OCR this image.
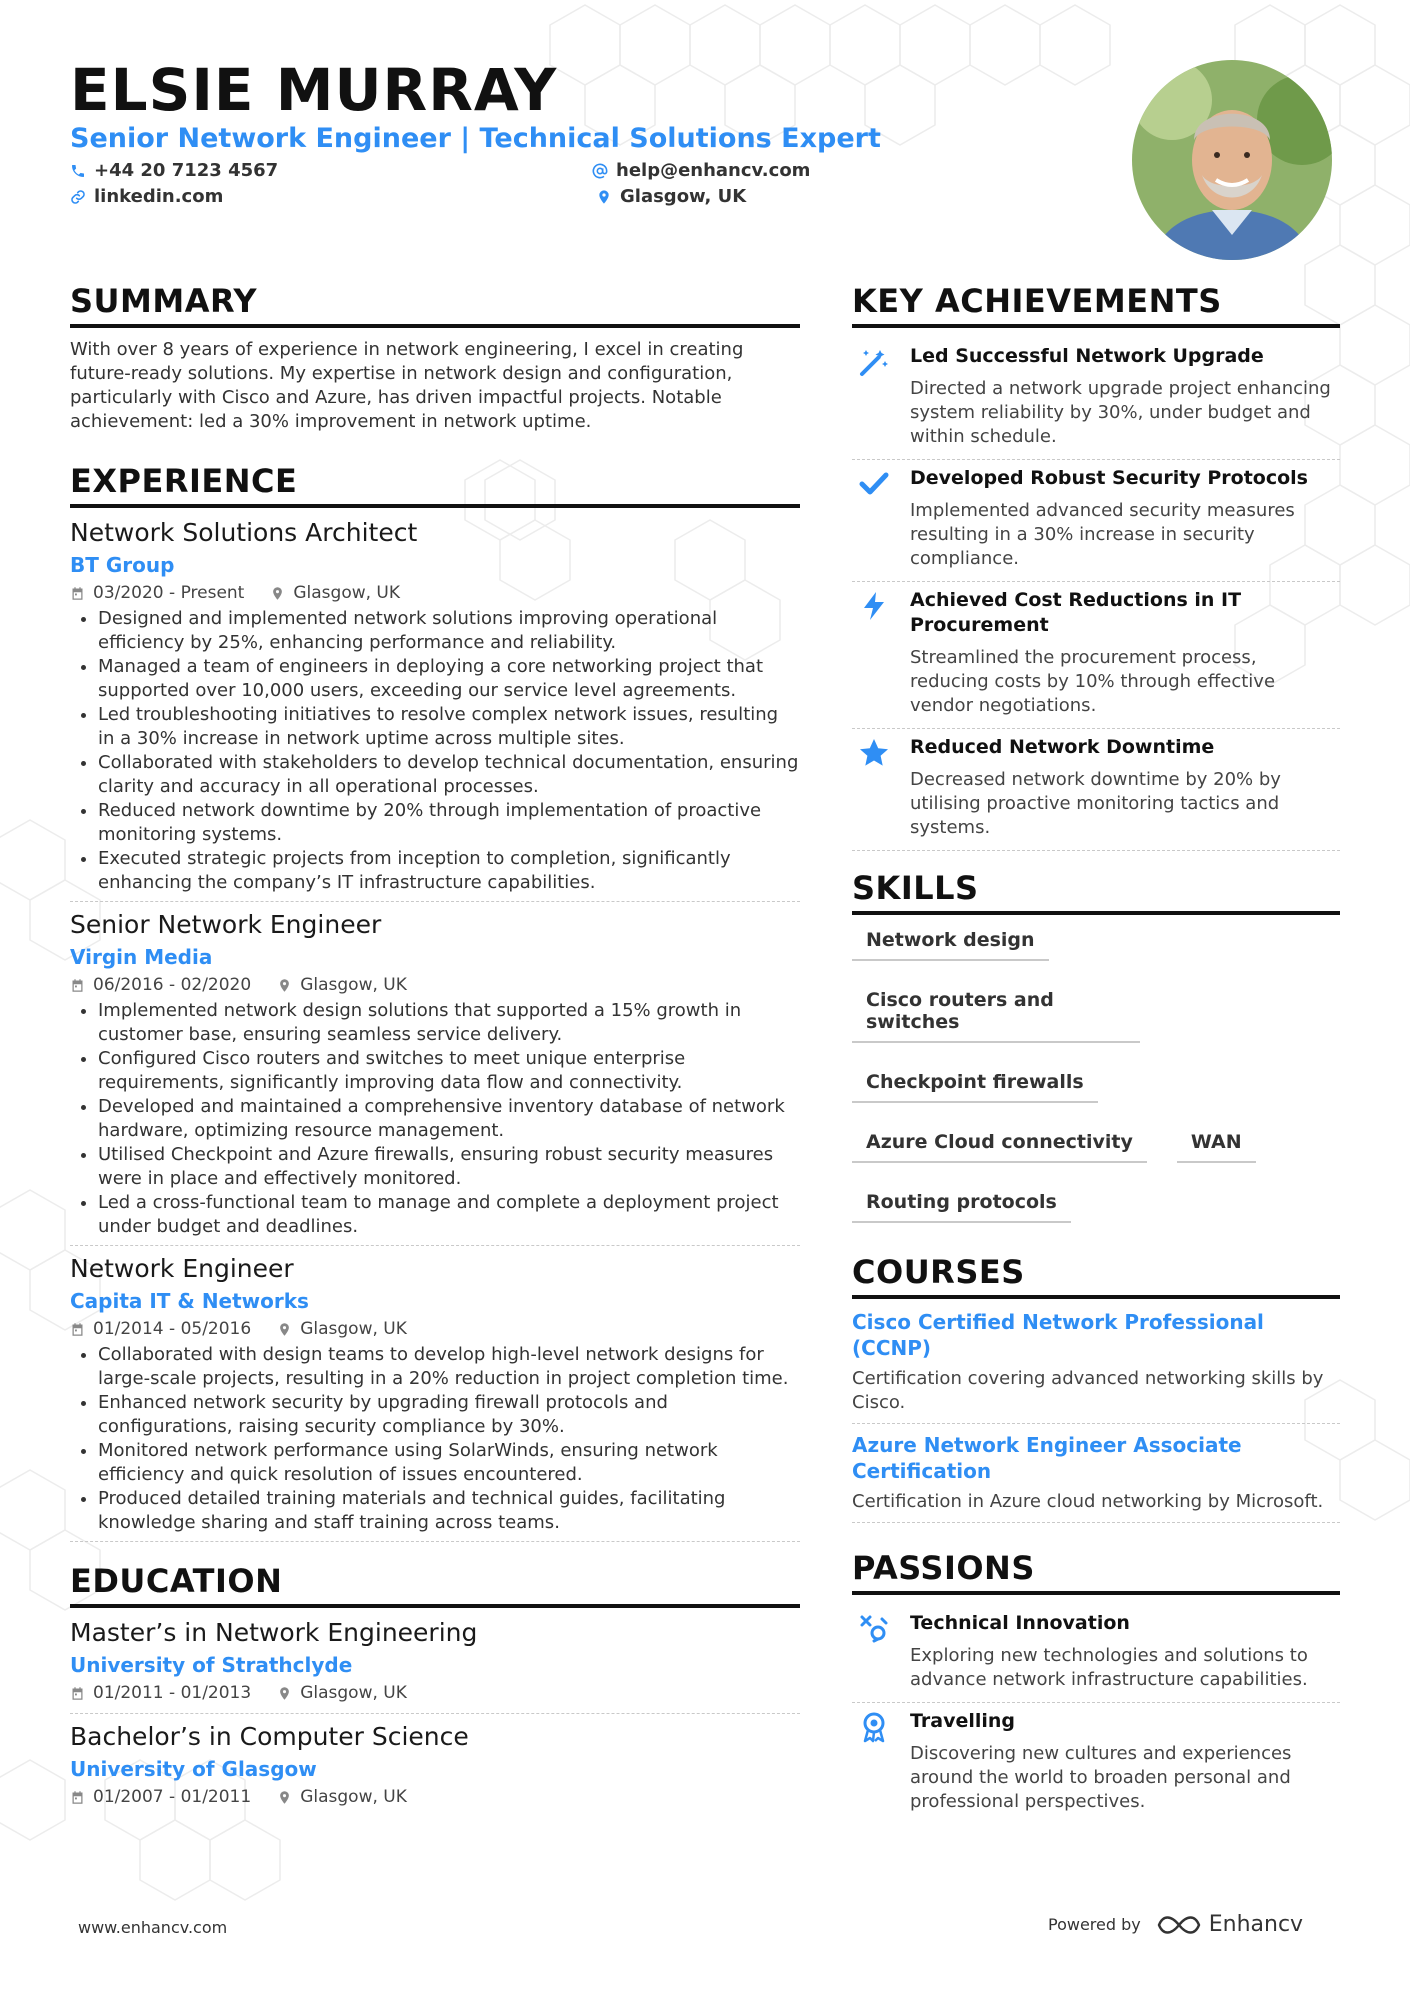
ELSIE MURRAY
Senior Network Engineer | Technical Solutions Expert
+44 20 7123 4567	help@enhancv.com
linkedin.com	Glasgow, UK
SUMMARY
With over 8 years of experience in network engineering, I excel in creating future-ready solutions. My expertise in network design and configuration, particularly with Cisco and Azure, has driven impactful projects. Notable achievement: led a 30% improvement in network uptime.
EXPERIENCE
Network Solutions Architect
BT Group
03/2020 - Present	Glasgow, UK
• Designed and implemented network solutions improving operational efficiency by 25%, enhancing performance and reliability.
• Managed a team of engineers in deploying a core networking project that supported over 10,000 users, exceeding our service level agreements.
• Led troubleshooting initiatives to resolve complex network issues, resulting in a 30% increase in network uptime across multiple sites.
• Collaborated with stakeholders to develop technical documentation, ensuring clarity and accuracy in all operational processes.
• Reduced network downtime by 20% through implementation of proactive monitoring systems.
• Executed strategic projects from inception to completion, significantly enhancing the company’s IT infrastructure capabilities.
Senior Network Engineer
Virgin Media
06/2016 - 02/2020	Glasgow, UK
• Implemented network design solutions that supported a 15% growth in customer base, ensuring seamless service delivery.
• Configured Cisco routers and switches to meet unique enterprise requirements, significantly improving data flow and connectivity.
• Developed and maintained a comprehensive inventory database of network hardware, optimizing resource management.
• Utilised Checkpoint and Azure firewalls, ensuring robust security measures were in place and effectively monitored.
• Led a cross-functional team to manage and complete a deployment project under budget and deadlines.
Network Engineer
Capita IT & Networks
01/2014 - 05/2016	Glasgow, UK
• Collaborated with design teams to develop high-level network designs for large-scale projects, resulting in a 20% reduction in project completion time.
• Enhanced network security by upgrading firewall protocols and configurations, raising security compliance by 30%.
• Monitored network performance using SolarWinds, ensuring network efficiency and quick resolution of issues encountered.
• Produced detailed training materials and technical guides, facilitating knowledge sharing and staff training across teams.
EDUCATION
Master’s in Network Engineering
University of Strathclyde
01/2011 - 01/2013	Glasgow, UK
Bachelor’s in Computer Science
University of Glasgow
01/2007 - 01/2011	Glasgow, UK
KEY ACHIEVEMENTS
Led Successful Network Upgrade
Directed a network upgrade project enhancing system reliability by 30%, under budget and within schedule.
Developed Robust Security Protocols
Implemented advanced security measures resulting in a 30% increase in security compliance.
Achieved Cost Reductions in IT Procurement
Streamlined the procurement process, reducing costs by 10% through effective vendor negotiations.
Reduced Network Downtime
Decreased network downtime by 20% by utilising proactive monitoring tactics and systems.
SKILLS
Network design
Cisco routers and switches
Checkpoint firewalls
Azure Cloud connectivity	WAN
Routing protocols
COURSES
Cisco Certified Network Professional (CCNP)
Certification covering advanced networking skills by Cisco.
Azure Network Engineer Associate Certification
Certification in Azure cloud networking by Microsoft.
PASSIONS
Technical Innovation
Exploring new technologies and solutions to advance network infrastructure capabilities.
Travelling
Discovering new cultures and experiences around the world to broaden personal and professional perspectives.
www.enhancv.com	Powered by	Enhancv
